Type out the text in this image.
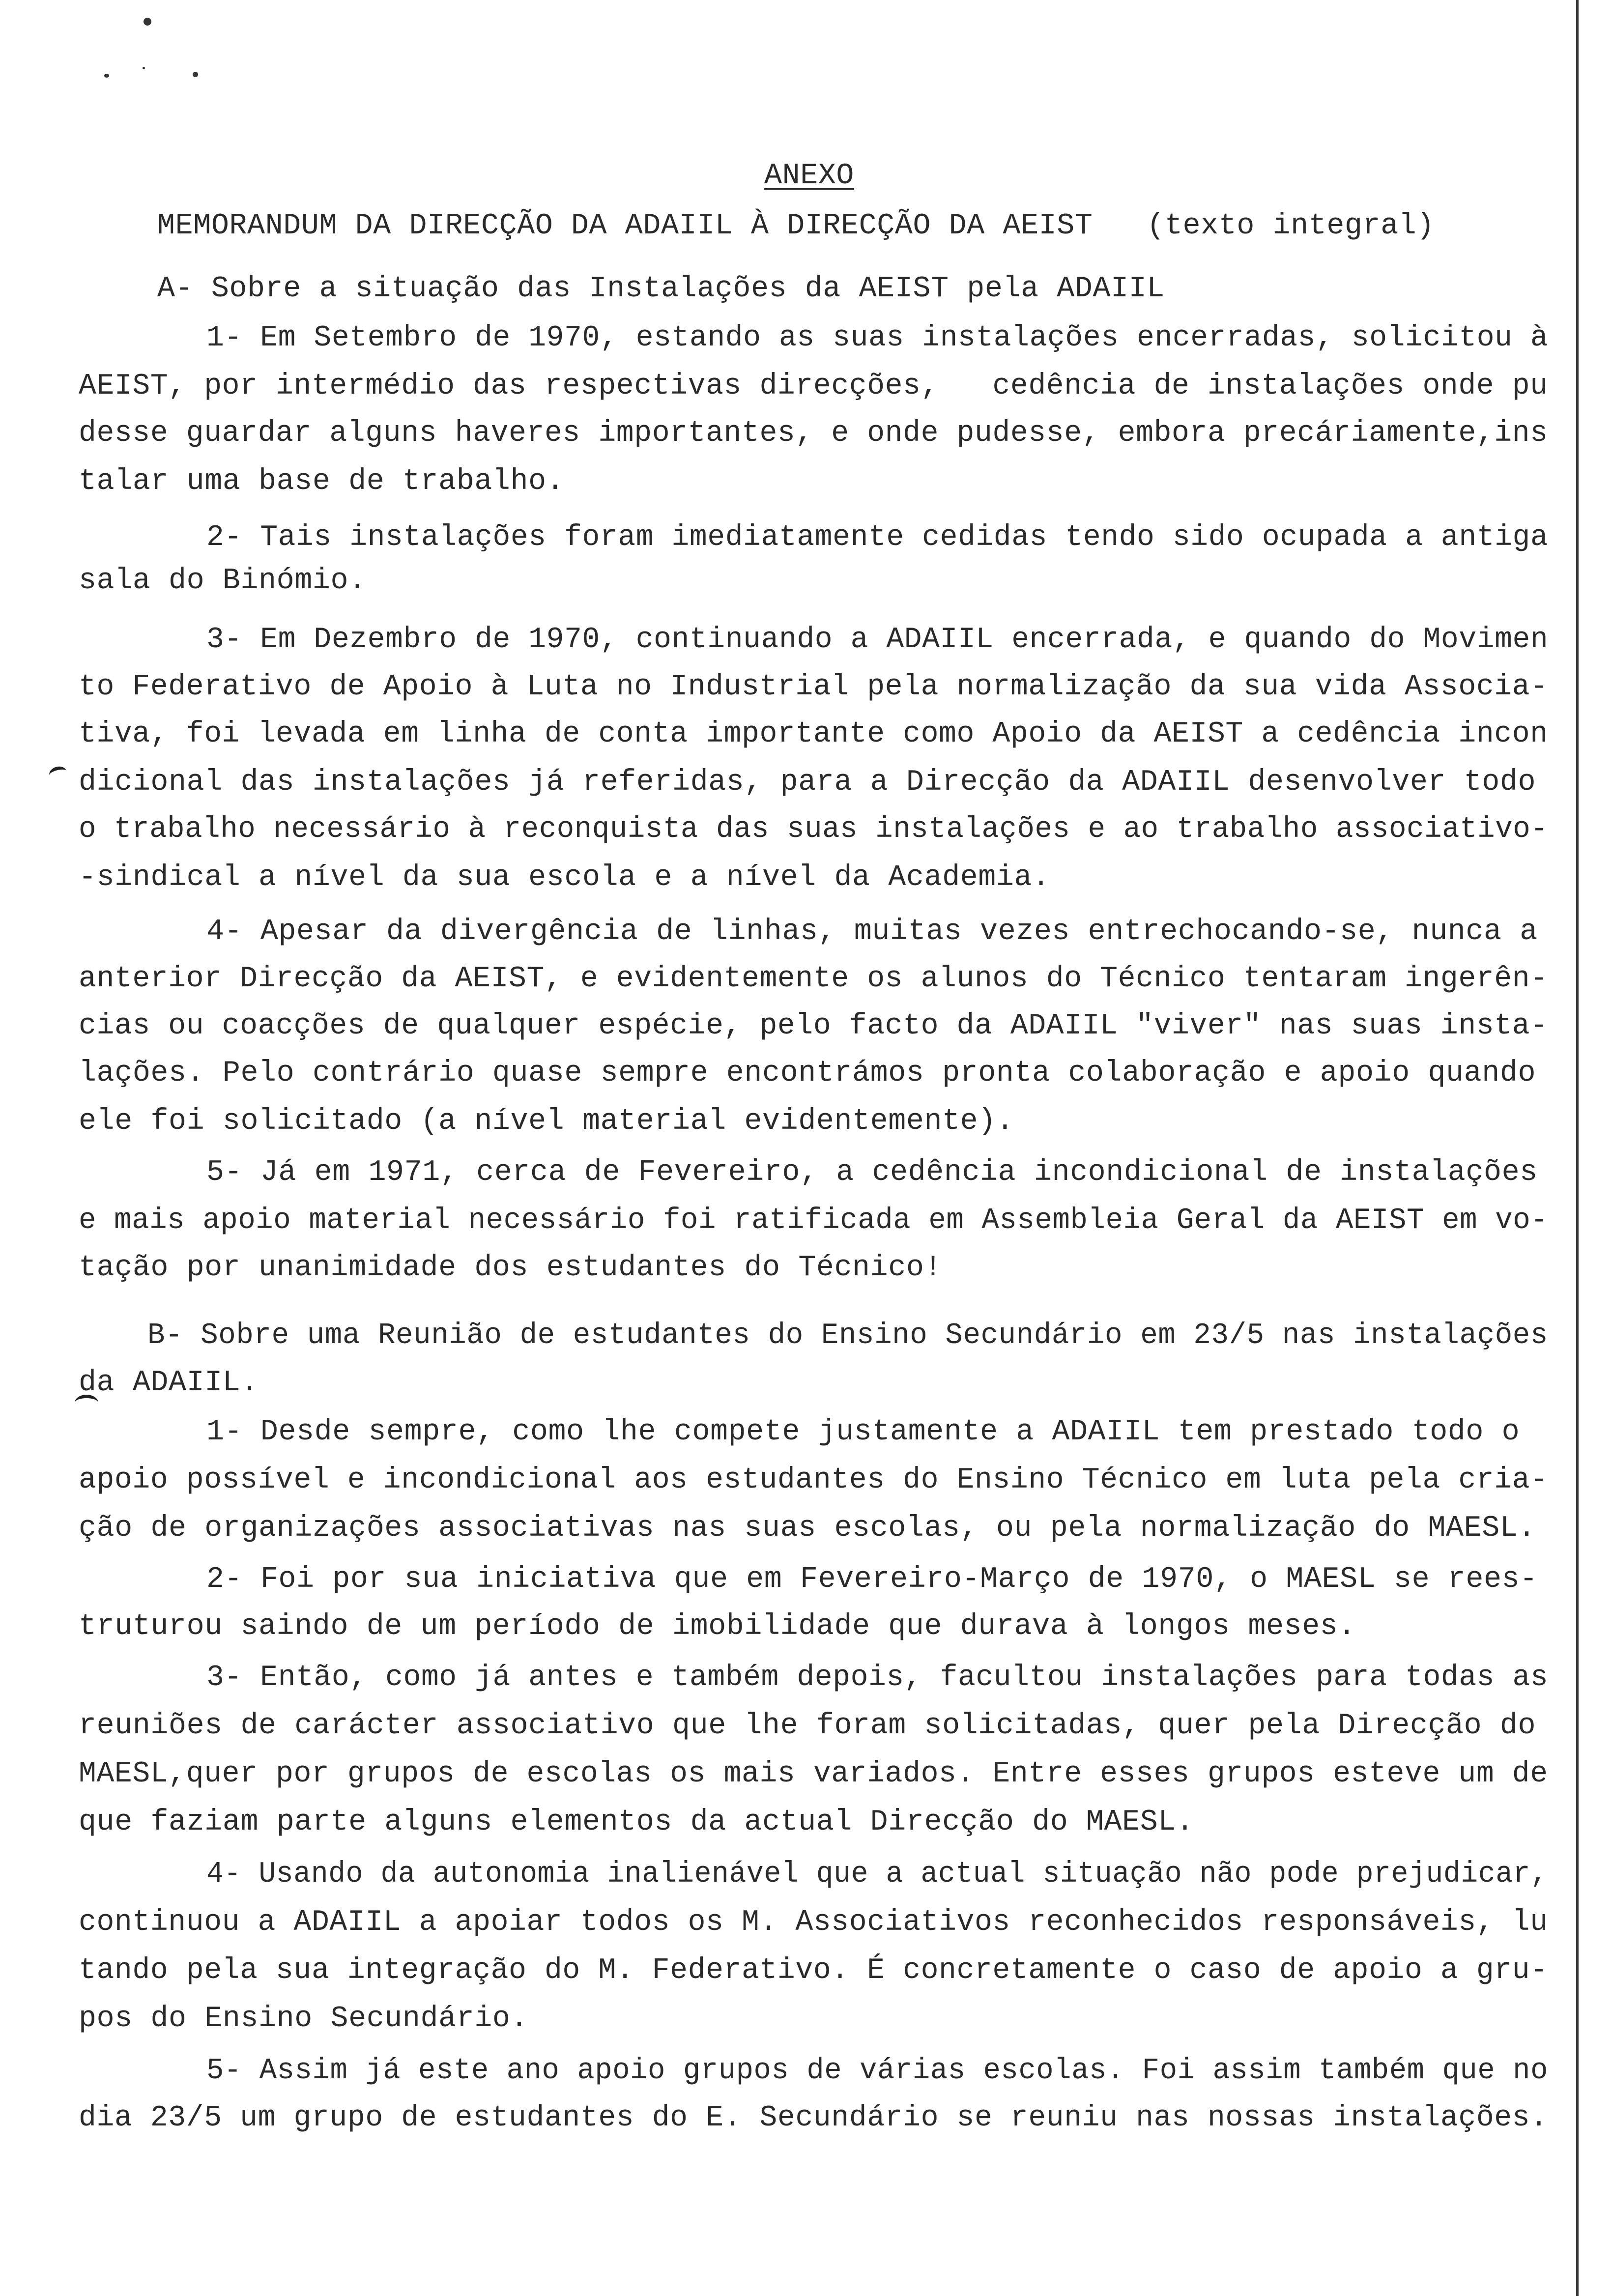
ANEXO
MEMORANDUM DA DIRECÇÃO DA ADAIIL À DIRECÇÃO DA AEIST   (texto integral)
A- Sobre a situação das Instalações da AEIST pela ADAIIL
1- Em Setembro de 1970, estando as suas instalações encerradas, solicitou à
AEIST, por intermédio das respectivas direcções,   cedência de instalações onde pu
desse guardar alguns haveres importantes, e onde pudesse, embora precáriamente,ins
talar uma base de trabalho.
2- Tais instalações foram imediatamente cedidas tendo sido ocupada a antiga
sala do Binómio.
3- Em Dezembro de 1970, continuando a ADAIIL encerrada, e quando do Movimen
to Federativo de Apoio à Luta no Industrial pela normalização da sua vida Associa-
tiva, foi levada em linha de conta importante como Apoio da AEIST a cedência incon
dicional das instalações já referidas, para a Direcção da ADAIIL desenvolver todo
o trabalho necessário à reconquista das suas instalações e ao trabalho associativo-
-sindical a nível da sua escola e a nível da Academia.
4- Apesar da divergência de linhas, muitas vezes entrechocando-se, nunca a
anterior Direcção da AEIST, e evidentemente os alunos do Técnico tentaram ingerên-
cias ou coacções de qualquer espécie, pelo facto da ADAIIL "viver" nas suas insta-
lações. Pelo contrário quase sempre encontrámos pronta colaboração e apoio quando
ele foi solicitado (a nível material evidentemente).
5- Já em 1971, cerca de Fevereiro, a cedência incondicional de instalações
e mais apoio material necessário foi ratificada em Assembleia Geral da AEIST em vo-
tação por unanimidade dos estudantes do Técnico!
B- Sobre uma Reunião de estudantes do Ensino Secundário em 23/5 nas instalações
da ADAIIL.
1- Desde sempre, como lhe compete justamente a ADAIIL tem prestado todo o
apoio possível e incondicional aos estudantes do Ensino Técnico em luta pela cria-
ção de organizações associativas nas suas escolas, ou pela normalização do MAESL.
2- Foi por sua iniciativa que em Fevereiro-Março de 1970, o MAESL se rees-
truturou saindo de um período de imobilidade que durava à longos meses.
3- Então, como já antes e também depois, facultou instalações para todas as
reuniões de carácter associativo que lhe foram solicitadas, quer pela Direcção do
MAESL,quer por grupos de escolas os mais variados. Entre esses grupos esteve um de
que faziam parte alguns elementos da actual Direcção do MAESL.
4- Usando da autonomia inalienável que a actual situação não pode prejudicar,
continuou a ADAIIL a apoiar todos os M. Associativos reconhecidos responsáveis, lu
tando pela sua integração do M. Federativo. É concretamente o caso de apoio a gru-
pos do Ensino Secundário.
5- Assim já este ano apoio grupos de várias escolas. Foi assim também que no
dia 23/5 um grupo de estudantes do E. Secundário se reuniu nas nossas instalações.
